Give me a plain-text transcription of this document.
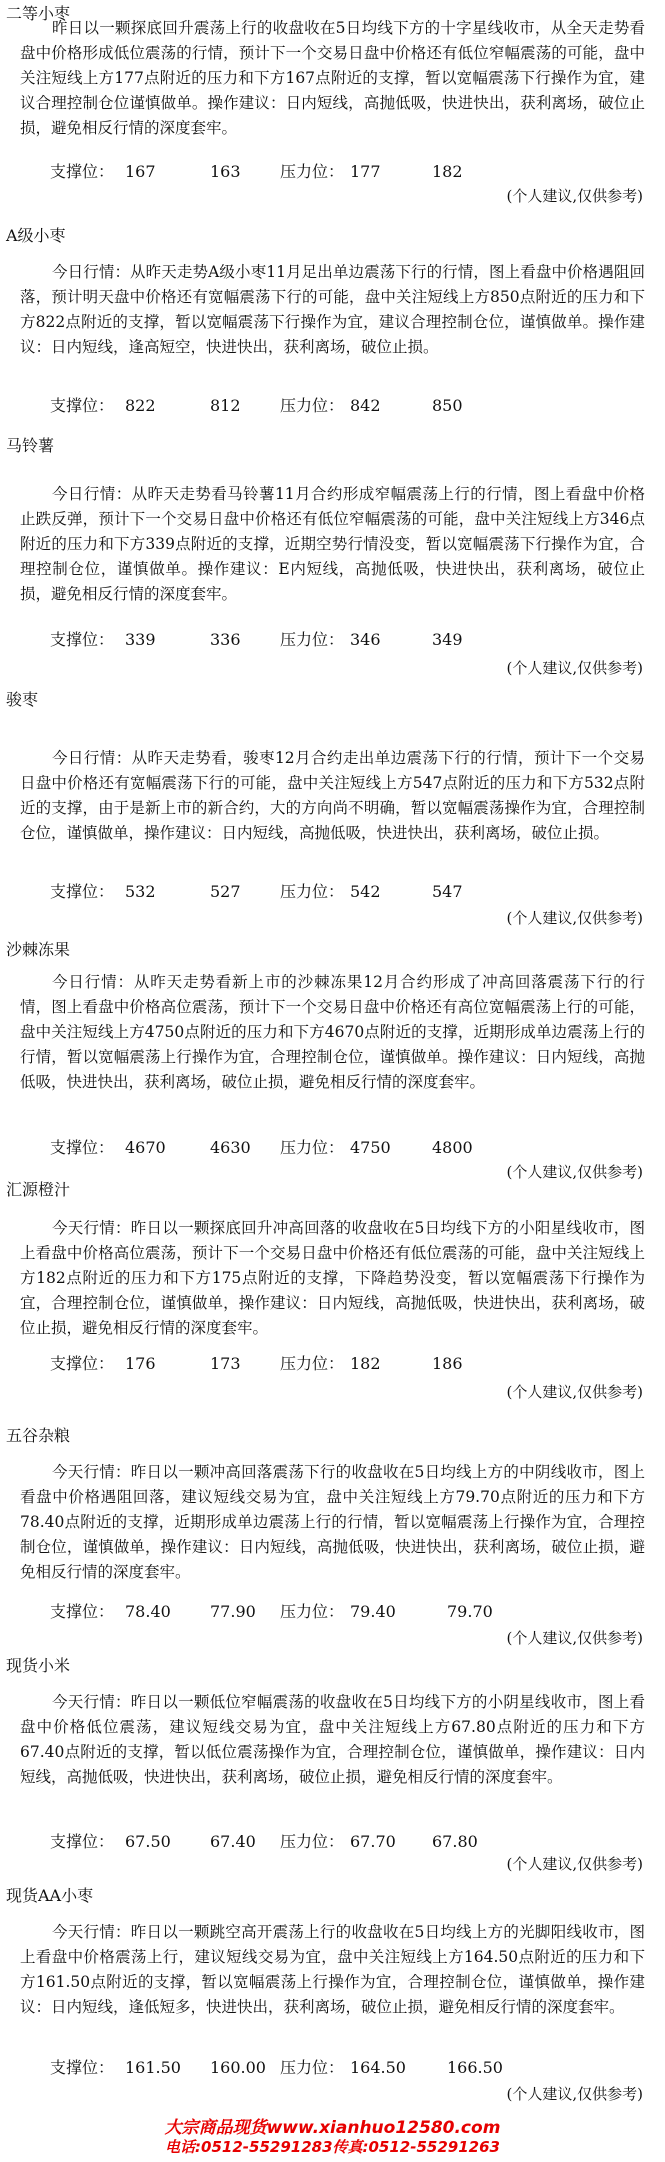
二等小枣
昨日以一颗探底回升震荡上行的收盘收在5日均线下方的十字星线收市，从全天走势看盘中价格形成低位震荡的行情，预计下一个交易日盘中价格还有低位窄幅震荡的可能，盘中关注短线上方177点附近的压力和下方167点附近的支撑，暂以宽幅震荡下行操作为宜，建议合理控制仓位谨慎做单。操作建议：日内短线，高抛低吸，快进快出，获利离场，破位止损，避免相反行情的深度套牢。
支撑位： 167	163 压力位： 177	182
(个人建议,仅供参考)
A级小枣
今日行情：从昨天走势A级小枣11月足出单边震荡下行的行情，图上看盘中价格遇阻回落，预计明天盘中价格还有宽幅震荡下行的可能，盘中关注短线上方850点附近的压力和下方822点附近的支撑，暂以宽幅震荡下行操作为宜，建议合理控制仓位，谨慎做单。操作建议：日内短线，逢高短空，快进快出，获利离场，破位止损。
支撑位： 822	812 压力位： 842	850
马铃薯
今日行情：从昨天走势看马铃薯11月合约形成窄幅震荡上行的行情，图上看盘中价格止跌反弹，预计下一个交易日盘中价格还有低位窄幅震荡的可能，盘中关注短线上方346点附近的压力和下方339点附近的支撑，近期空势行情没变，暂以宽幅震荡下行操作为宜，合理控制仓位，谨慎做单。操作建议：E内短线，高抛低吸，快进快出，获利离场，破位止损，避免相反行情的深度套牢。
支撑位： 339	336 压力位： 346	349
(个人建议,仅供参考)
骏枣
今日行情：从昨天走势看，骏枣12月合约走出单边震荡下行的行情，预计下一个交易日盘中价格还有宽幅震荡下行的可能，盘中关注短线上方547点附近的压力和下方532点附近的支撑，由于是新上市的新合约，大的方向尚不明确，暂以宽幅震荡操作为宜，合理控制仓位，谨慎做单，操作建议：日内短线，高抛低吸，快进快出，获利离场，破位止损。
支撑位： 532	527 压力位： 542	547
(个人建议,仅供参考)
沙棘冻果
今日行情：从昨天走势看新上市的沙棘冻果12月合约形成了冲高回落震荡下行的行情，图上看盘中价格高位震荡，预计下一个交易日盘中价格还有高位宽幅震荡上行的可能，盘中关注短线上方4750点附近的压力和下方4670点附近的支撑，近期形成单边震荡上行的行情，暂以宽幅震荡上行操作为宜，合理控制仓位，谨慎做单。操作建议：日内短线，高抛低吸，快进快出，获利离场，破位止损，避免相反行情的深度套牢。
支撑位： 4670	4630 压力位： 4750	4800
(个人建议,仅供参考)
汇源橙汁
今天行情：昨日以一颗探底回升冲高回落的收盘收在5日均线下方的小阳星线收市，图上看盘中价格高位震荡，预计下一个交易日盘中价格还有低位震荡的可能，盘中关注短线上方182点附近的压力和下方175点附近的支撑，下降趋势没变，暂以宽幅震荡下行操作为宜，合理控制仓位，谨慎做单，操作建议：日内短线，高抛低吸，快进快出，获利离场，破位止损，避免相反行情的深度套牢。
支撑位： 176	173 压力位： 182	186
(个人建议,仅供参考)
五谷杂粮
今天行情：昨日以一颗冲高回落震荡下行的收盘收在5日均线上方的中阴线收市，图上看盘中价格遇阻回落，建议短线交易为宜，盘中关注短线上方79.70点附近的压力和下方78.40点附近的支撑，近期形成单边震荡上行的行情，暂以宽幅震荡上行操作为宜，合理控制仓位，谨慎做单，操作建议：日内短线，高抛低吸，快进快出，获利离场，破位止损，避免相反行情的深度套牢。
支撑位： 78.40 77.90 压力位： 79.40	79.70
(个人建议,仅供参考)
现货小米
今天行情：昨日以一颗低位窄幅震荡的收盘收在5日均线下方的小阴星线收市，图上看盘中价格低位震荡，建议短线交易为宜，盘中关注短线上方67.80点附近的压力和下方67.40点附近的支撑，暂以低位震荡操作为宜，合理控制仓位，谨慎做单，操作建议：日内短线，高抛低吸，快进快出，获利离场，破位止损，避免相反行情的深度套牢。
支撑位： 67.50 67.40 压力位： 67.70 67.80
(个人建议,仅供参考)
现货AA小枣
今天行情：昨日以一颗跳空高开震荡上行的收盘收在5日均线上方的光脚阳线收市，图上看盘中价格震荡上行，建议短线交易为宜，盘中关注短线上方164.50点附近的压力和下方161.50点附近的支撑，暂以宽幅震荡上行操作为宜，合理控制仓位，谨慎做单，操作建议：日内短线，逢低短多，快进快出，获利离场，破位止损，避免相反行情的深度套牢。
支撑位： 161.50 160.00 压力位： 164.50	166.50
(个人建议,仅供参考)
大宗商品现货www.xianhuo12580.com
电话:0512-55291283传真:0512-55291263
